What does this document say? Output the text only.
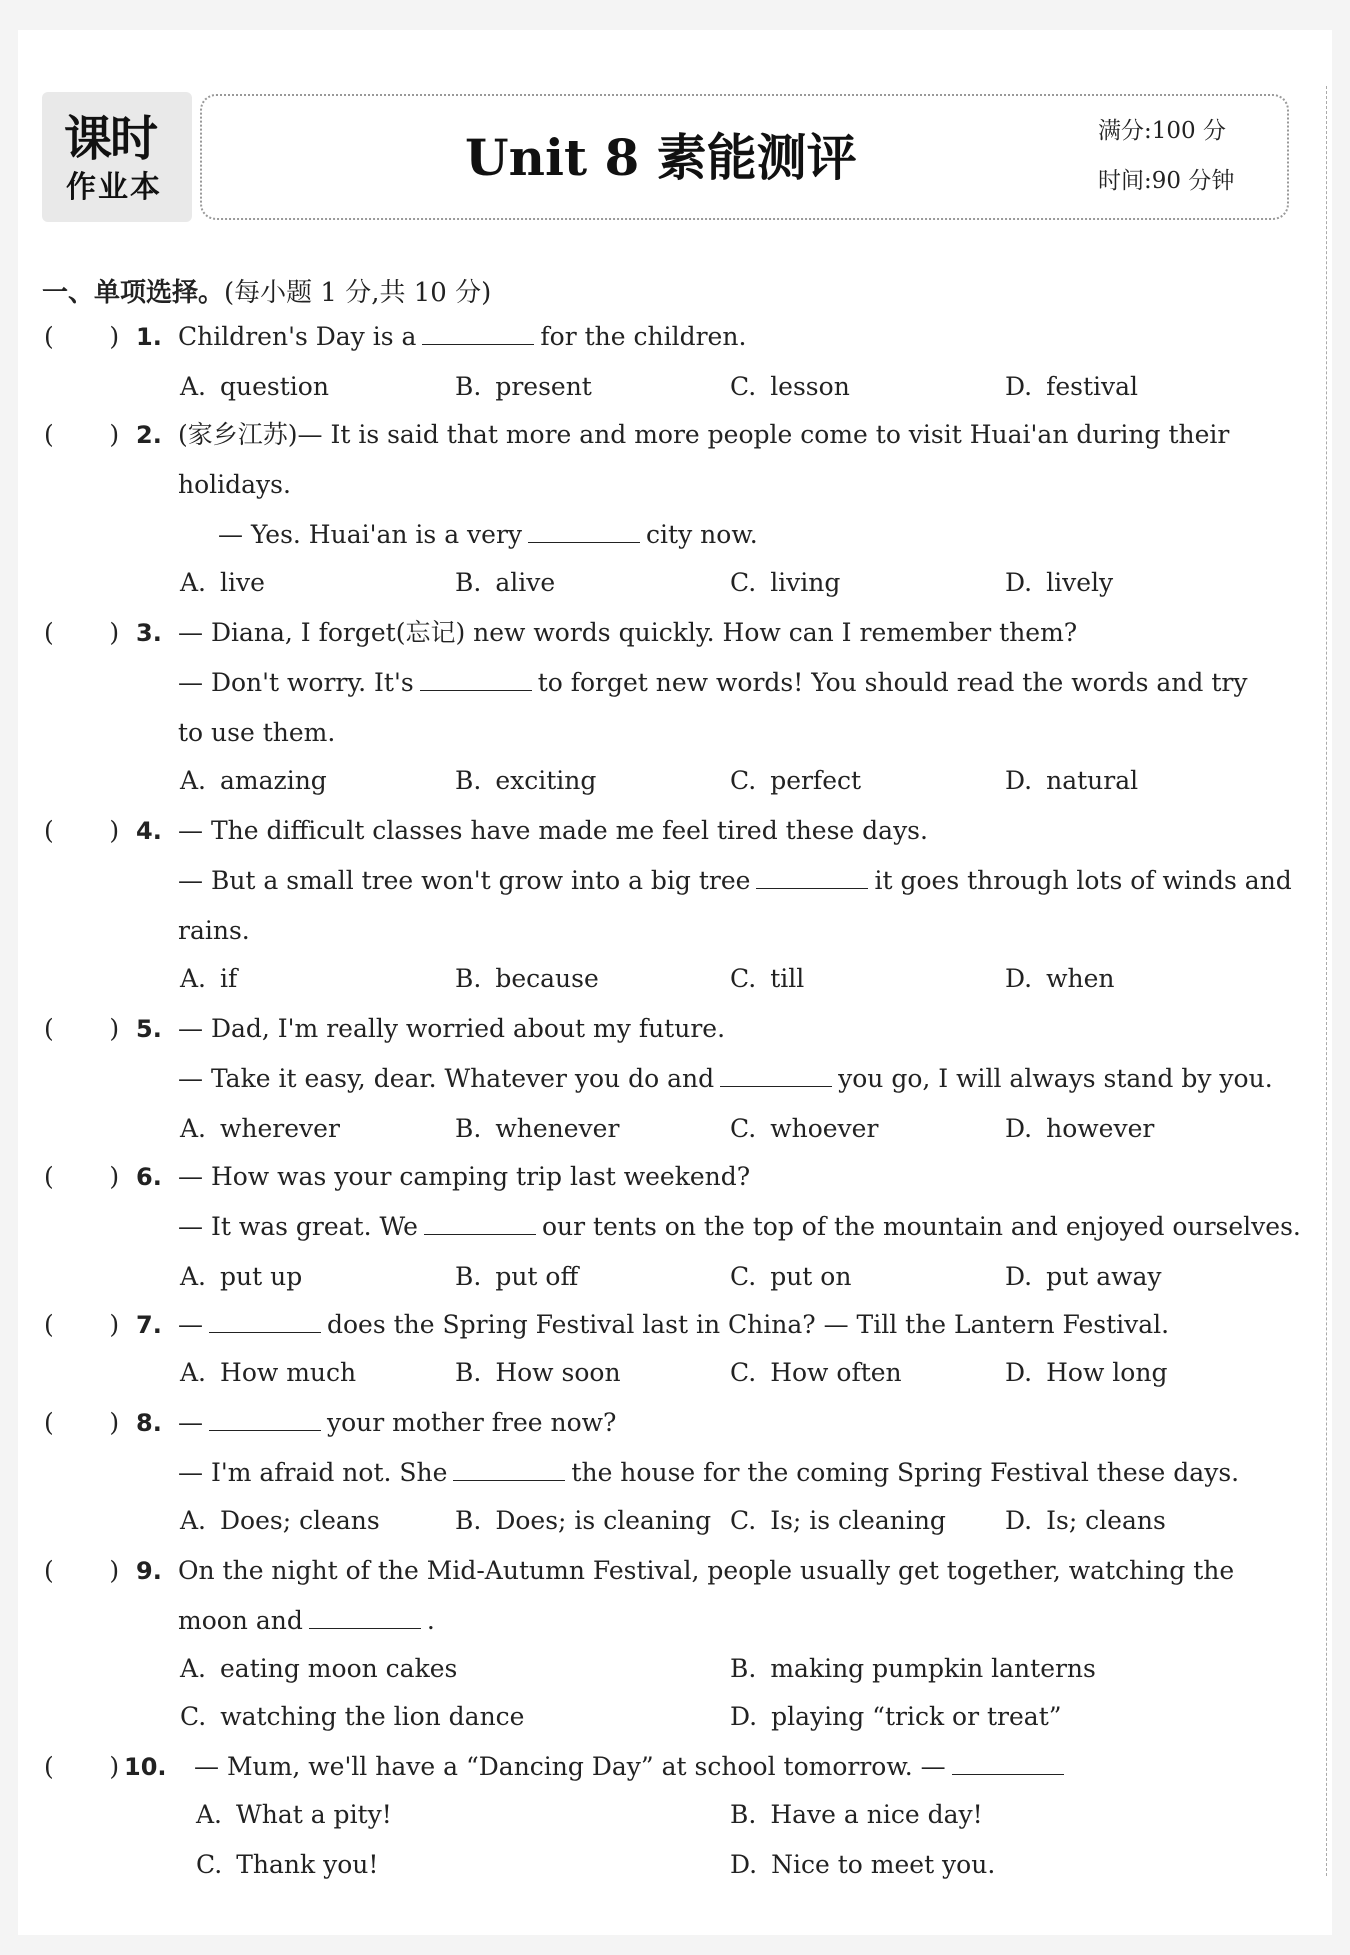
课时
作业本
Unit 8 素能测评	满分:100 分
时间:90 分钟
一、单项选择。(每小题 1 分,共 10 分)
(       ) 1. Children's Day is a	for the children.
A. question	B. present	C. lesson	D. festival
(       ) 2. (家乡江苏)— It is said that more and more people come to visit Huai'an during their
holidays.
— Yes. Huai'an is a very	city now.
A. live	B. alive	C. living	D. lively
(       ) 3. — Diana, I forget(忘记) new words quickly. How can I remember them?
— Don't worry. It's	to forget new words! You should read the words and try
to use them.
A. amazing	B. exciting	C. perfect	D. natural
(       ) 4. — The difficult classes have made me feel tired these days.
— But a small tree won't grow into a big tree	it goes through lots of winds and
rains.
A. if	B. because	C. till	D. when
(       ) 5. — Dad, I'm really worried about my future.
— Take it easy, dear. Whatever you do and	you go, I will always stand by you.
A. wherever	B. whenever	C. whoever	D. however
(       ) 6. — How was your camping trip last weekend?
— It was great. We	our tents on the top of the mountain and enjoyed ourselves.
A. put up	B. put off	C. put on	D. put away
(       ) 7. —	does the Spring Festival last in China? — Till the Lantern Festival.
A. How much	B. How soon	C. How often	D. How long
(       ) 8. —	your mother free now?
— I'm afraid not. She	the house for the coming Spring Festival these days.
A. Does; cleans	B. Does; is cleaning C. Is; is cleaning D. Is; cleans
(       ) 9. On the night of the Mid-Autumn Festival, people usually get together, watching the
moon and	.
A. eating moon cakes	B. making pumpkin lanterns
C. watching the lion dance	D. playing “trick or treat”
(       ) 10. — Mum, we'll have a “Dancing Day” at school tomorrow. —
A. What a pity!	B. Have a nice day!
C. Thank you!	D. Nice to meet you.
